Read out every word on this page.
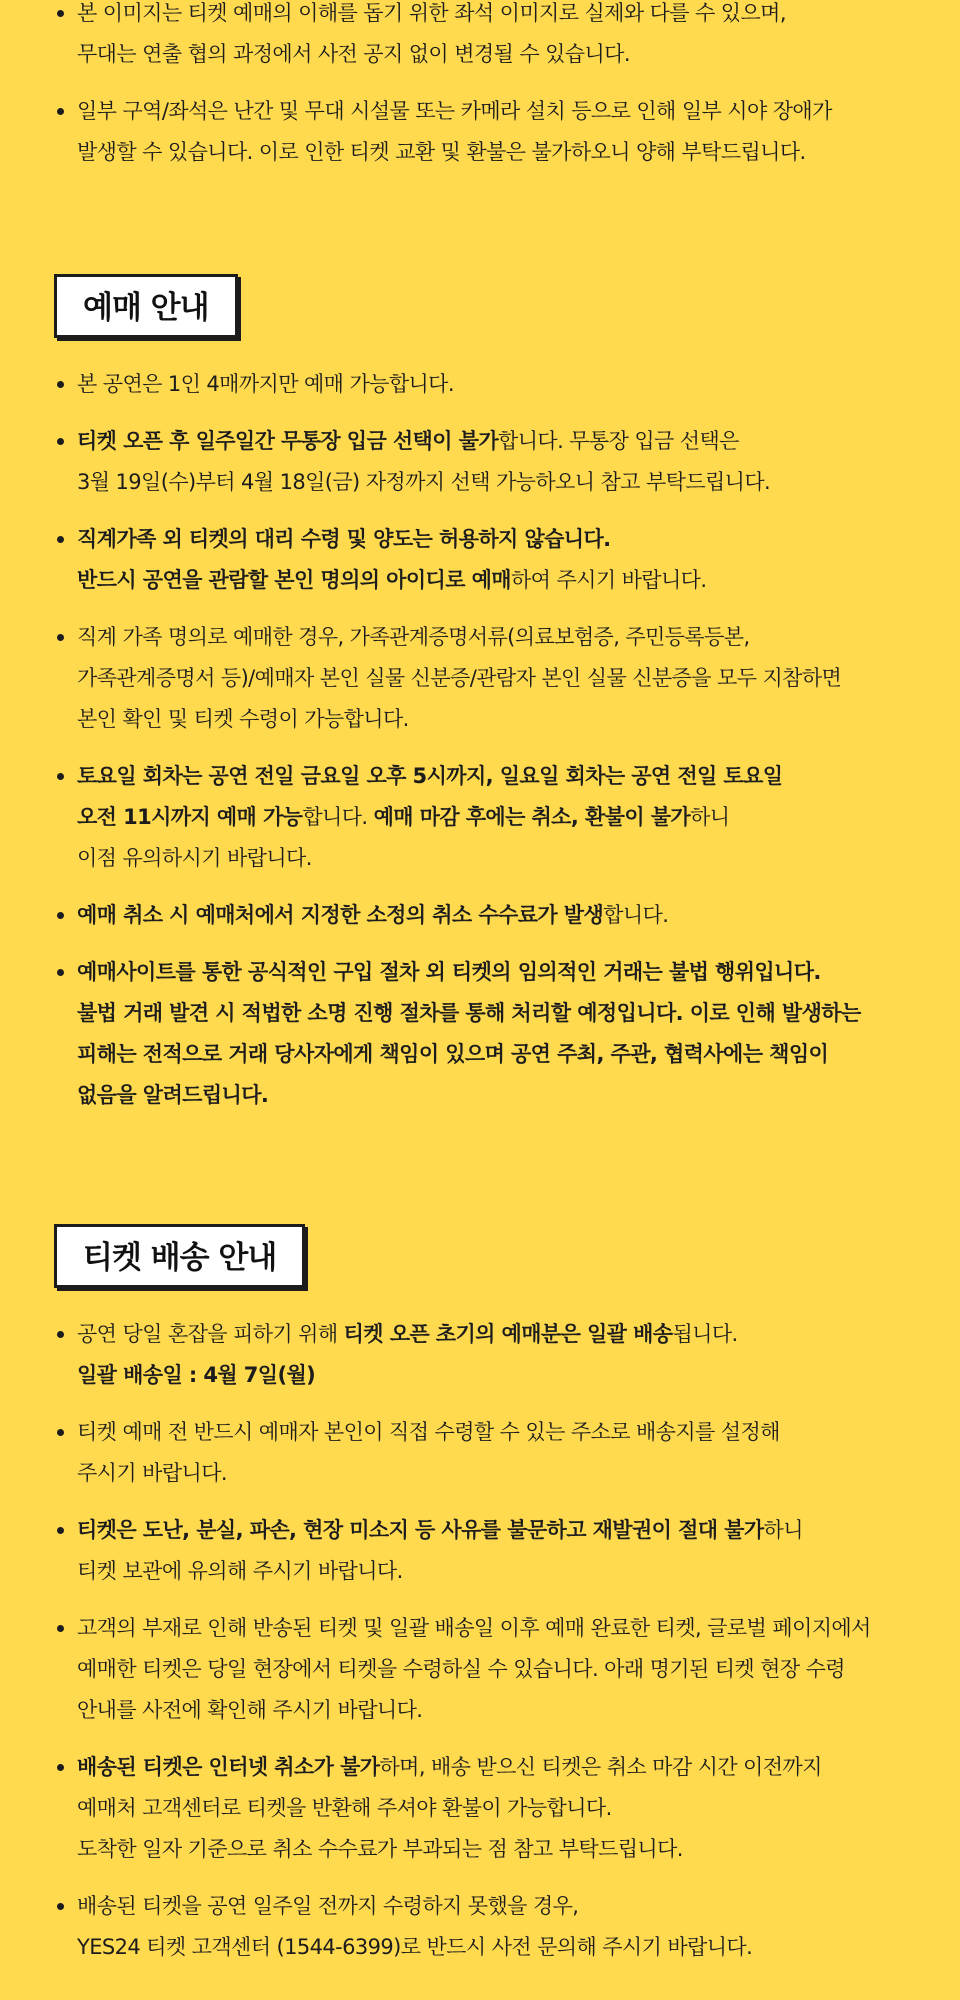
본 이미지는 티켓 예매의 이해를 돕기 위한 좌석 이미지로 실제와 다를 수 있으며,
무대는 연출 협의 과정에서 사전 공지 없이 변경될 수 있습니다.
일부 구역/좌석은 난간 및 무대 시설물 또는 카메라 설치 등으로 인해 일부 시야 장애가
발생할 수 있습니다. 이로 인한 티켓 교환 및 환불은 불가하오니 양해 부탁드립니다.
예매 안내
본 공연은 1인 4매까지만 예매 가능합니다.
티켓 오픈 후 일주일간 무통장 입금 선택이 불가합니다. 무통장 입금 선택은
3월 19일(수)부터 4월 18일(금) 자정까지 선택 가능하오니 참고 부탁드립니다.
직계가족 외 티켓의 대리 수령 및 양도는 허용하지 않습니다.
반드시 공연을 관람할 본인 명의의 아이디로 예매하여 주시기 바랍니다.
직계 가족 명의로 예매한 경우, 가족관계증명서류(의료보험증, 주민등록등본,
가족관계증명서 등)/예매자 본인 실물 신분증/관람자 본인 실물 신분증을 모두 지참하면
본인 확인 및 티켓 수령이 가능합니다.
토요일 회차는 공연 전일 금요일 오후 5시까지, 일요일 회차는 공연 전일 토요일
오전 11시까지 예매 가능합니다. 예매 마감 후에는 취소, 환불이 불가하니
이점 유의하시기 바랍니다.
예매 취소 시 예매처에서 지정한 소정의 취소 수수료가 발생합니다.
예매사이트를 통한 공식적인 구입 절차 외 티켓의 임의적인 거래는 불법 행위입니다.
불법 거래 발견 시 적법한 소명 진행 절차를 통해 처리할 예정입니다. 이로 인해 발생하는
피해는 전적으로 거래 당사자에게 책임이 있으며 공연 주최, 주관, 협력사에는 책임이
없음을 알려드립니다.
티켓 배송 안내
공연 당일 혼잡을 피하기 위해 티켓 오픈 초기의 예매분은 일괄 배송됩니다.
일괄 배송일 : 4월 7일(월)
티켓 예매 전 반드시 예매자 본인이 직접 수령할 수 있는 주소로 배송지를 설정해
주시기 바랍니다.
티켓은 도난, 분실, 파손, 현장 미소지 등 사유를 불문하고 재발권이 절대 불가하니
티켓 보관에 유의해 주시기 바랍니다.
고객의 부재로 인해 반송된 티켓 및 일괄 배송일 이후 예매 완료한 티켓, 글로벌 페이지에서
예매한 티켓은 당일 현장에서 티켓을 수령하실 수 있습니다. 아래 명기된 티켓 현장 수령
안내를 사전에 확인해 주시기 바랍니다.
배송된 티켓은 인터넷 취소가 불가하며, 배송 받으신 티켓은 취소 마감 시간 이전까지
예매처 고객센터로 티켓을 반환해 주셔야 환불이 가능합니다.
도착한 일자 기준으로 취소 수수료가 부과되는 점 참고 부탁드립니다.
배송된 티켓을 공연 일주일 전까지 수령하지 못했을 경우,
YES24 티켓 고객센터 (1544-6399)로 반드시 사전 문의해 주시기 바랍니다.
